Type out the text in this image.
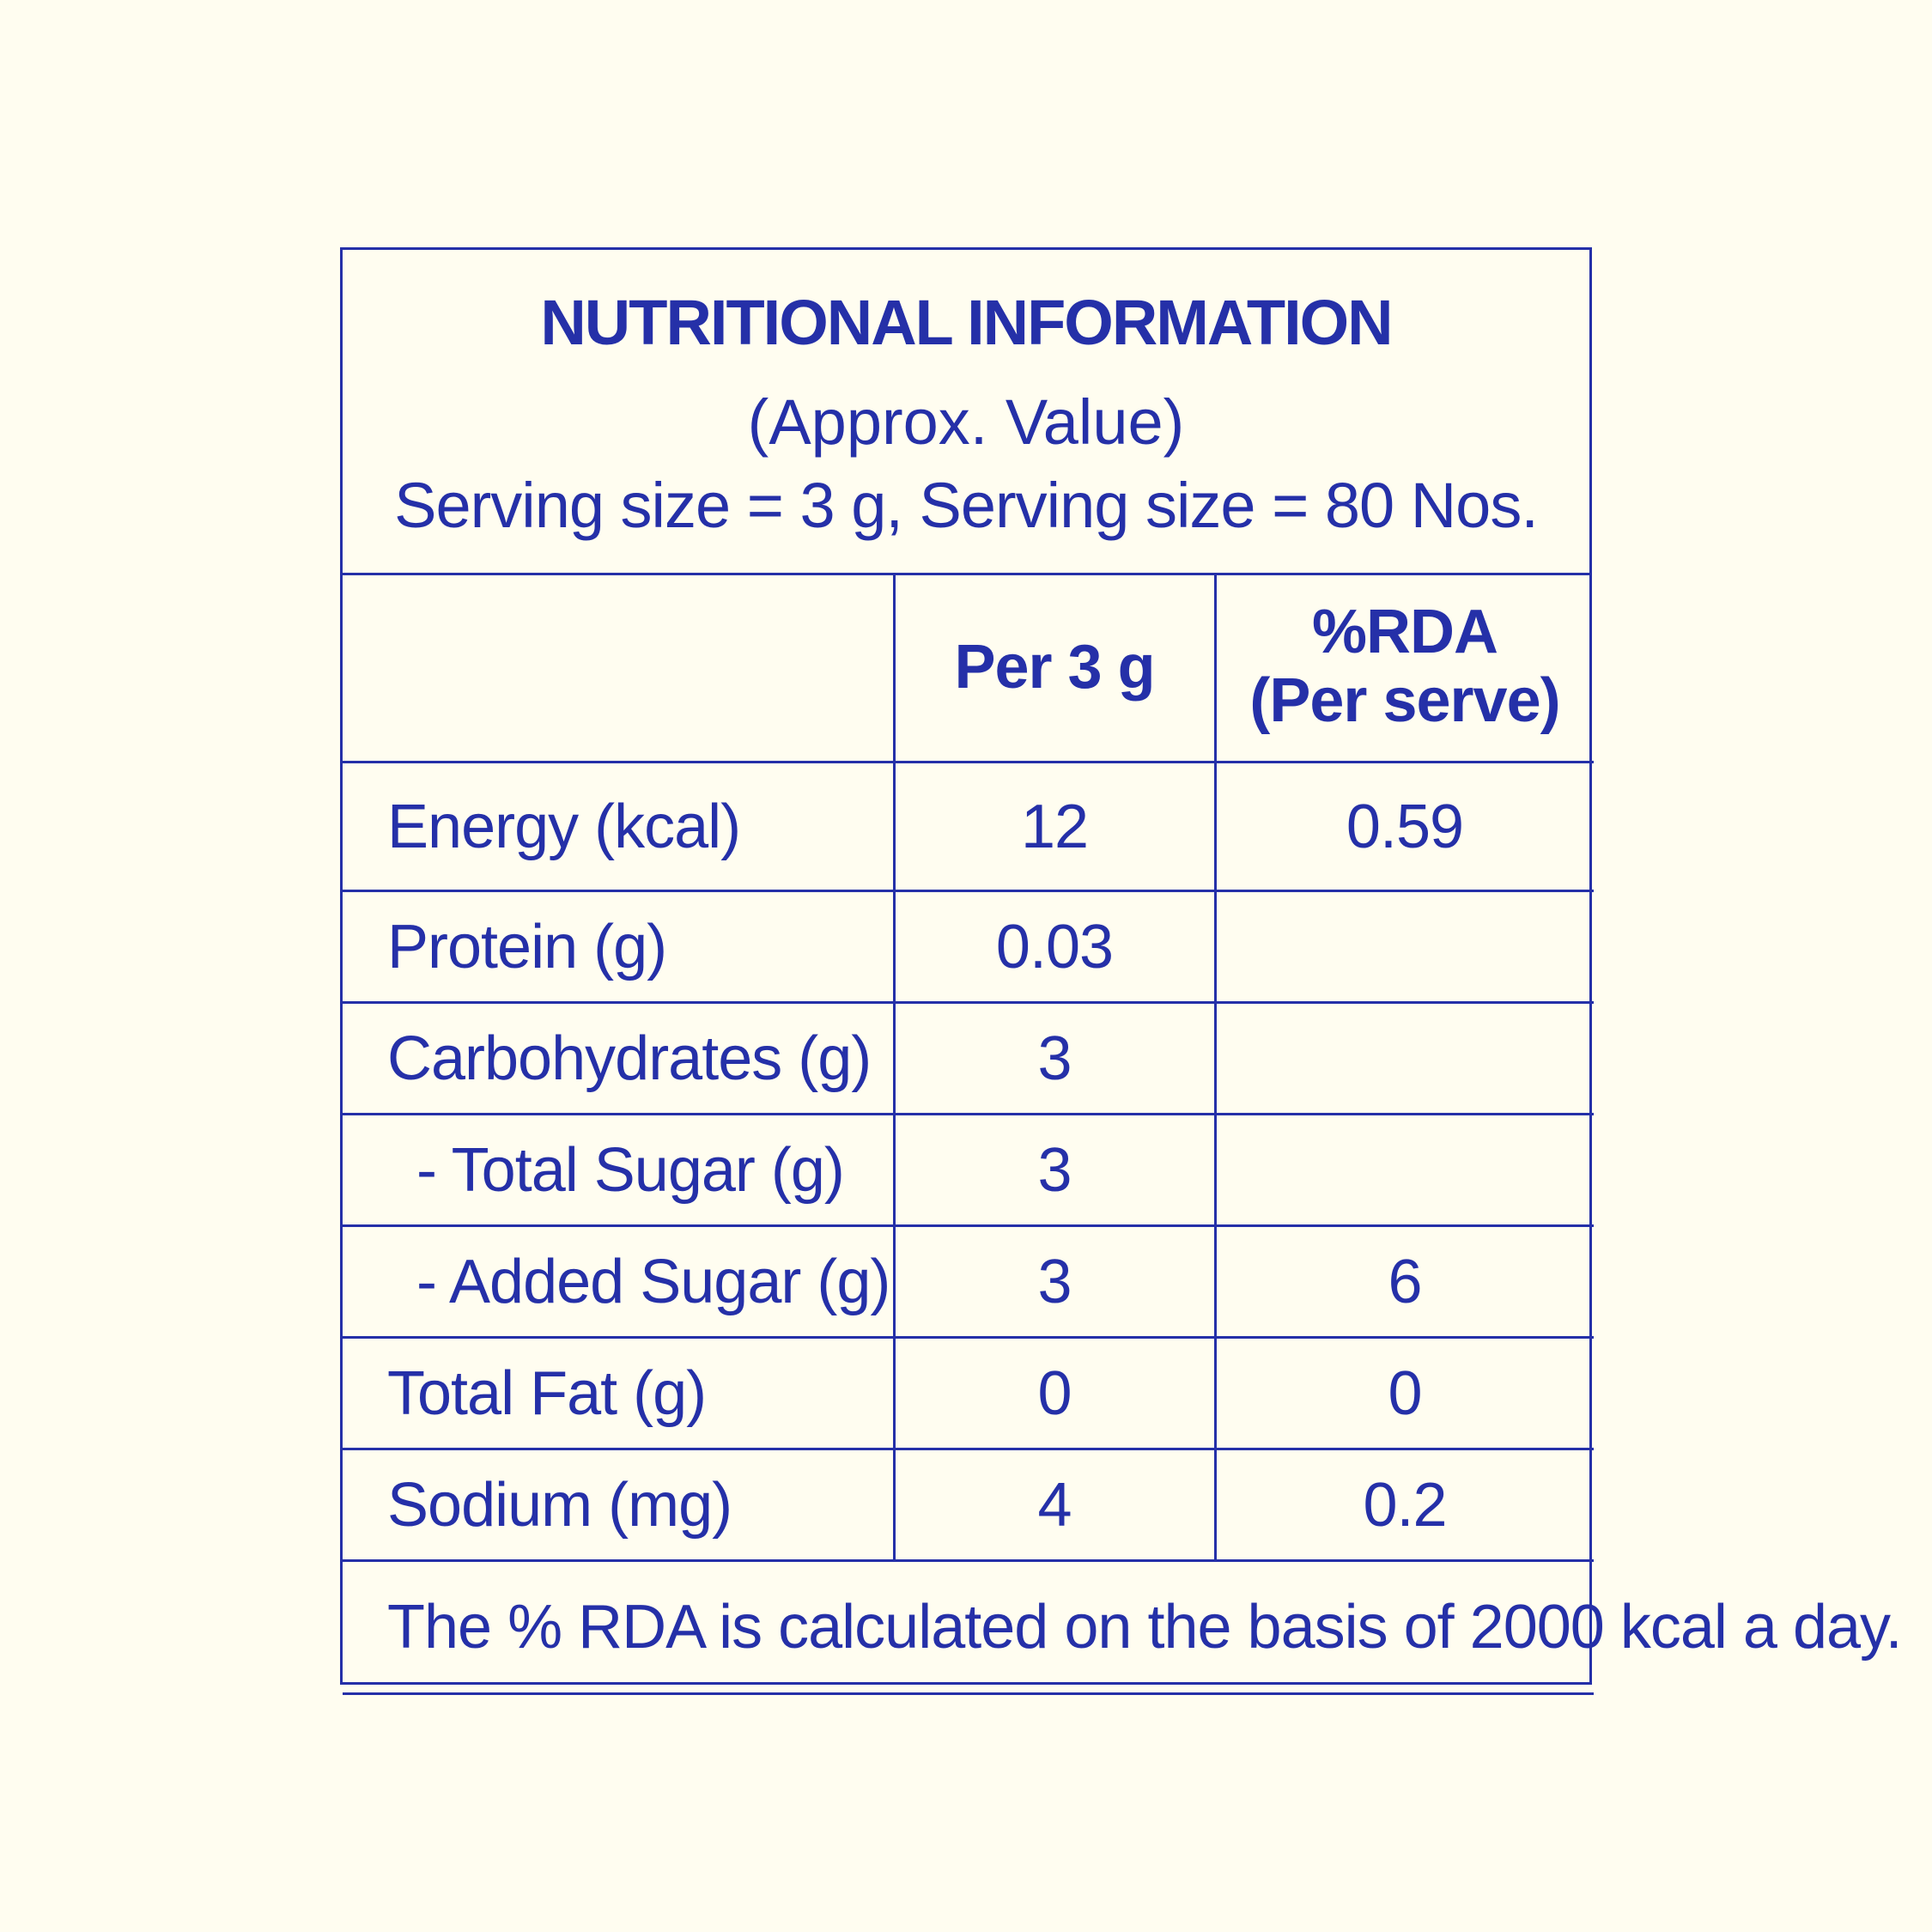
NUTRITIONAL INFORMATION
(Approx. Value)
Serving size = 3 g, Serving size = 80 Nos.
	Per 3 g	%RDA
(Per serve)

Energy (kcal)	12	0.59
Protein (g)	0.03	
Carbohydrates (g)	3	
- Total Sugar (g)	3	
- Added Sugar (g)	3	6
Total Fat (g)	0	0
Sodium (mg)	4	0.2
The % RDA is calculated on the basis of 2000 kcal a day.		
